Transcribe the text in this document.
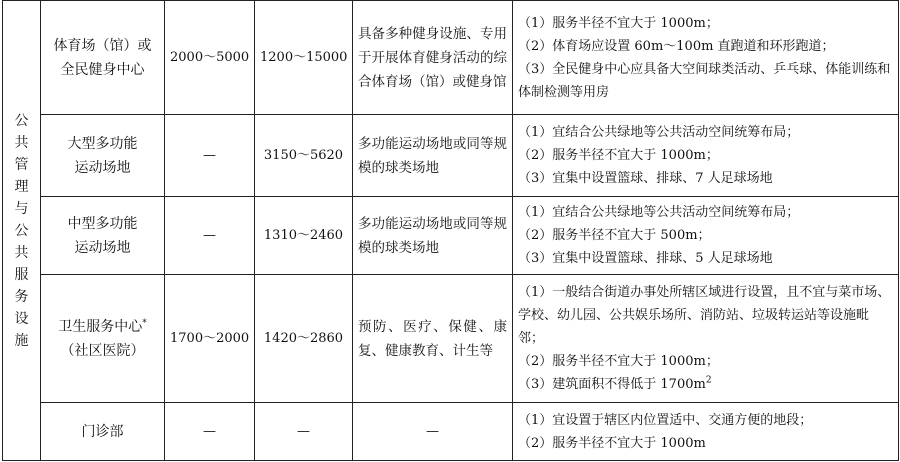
公共管理与公共服务设施	体育场（馆）或
全民健身中心	2000～5000	1200～15000	具备多种健身设施、专用于开展体育健身活动的综合体育场（馆）或健身馆	（1）服务半径不宜大于 1000m；
（2）体育场应设置 60m～100m 直跑道和环形跑道；
（3）全民健身中心应具备大空间球类活动、乒乓球、体能训练和体制检测等用房

	大型多功能
运动场地	—	3150～5620	多功能运动场地或同等规模的球类场地	（1）宜结合公共绿地等公共活动空间统筹布局；
（2）服务半径不宜大于 1000m；
（3）宜集中设置篮球、排球、7 人足球场地

	中型多功能
运动场地	—	1310～2460	多功能运动场地或同等规模的球类场地	（1）宜结合公共绿地等公共活动空间统筹布局；
（2）服务半径不宜大于 500m；
（3）宜集中设置篮球、排球、5 人足球场地

	卫生服务中心*
（社区医院）	1700～2000	1420～2860	预防、医疗、保健、康复、健康教育、计生等	（1）一般结合街道办事处所辖区域进行设置，且不宜与菜市场、学校、幼儿园、公共娱乐场所、消防站、垃圾转运站等设施毗邻；
（2）服务半径不宜大于 1000m；
（3）建筑面积不得低于 $1700m^2$

	门诊部	—	—	—	（1）宜设置于辖区内位置适中、交通方便的地段；
（2）服务半径不宜大于 1000m
